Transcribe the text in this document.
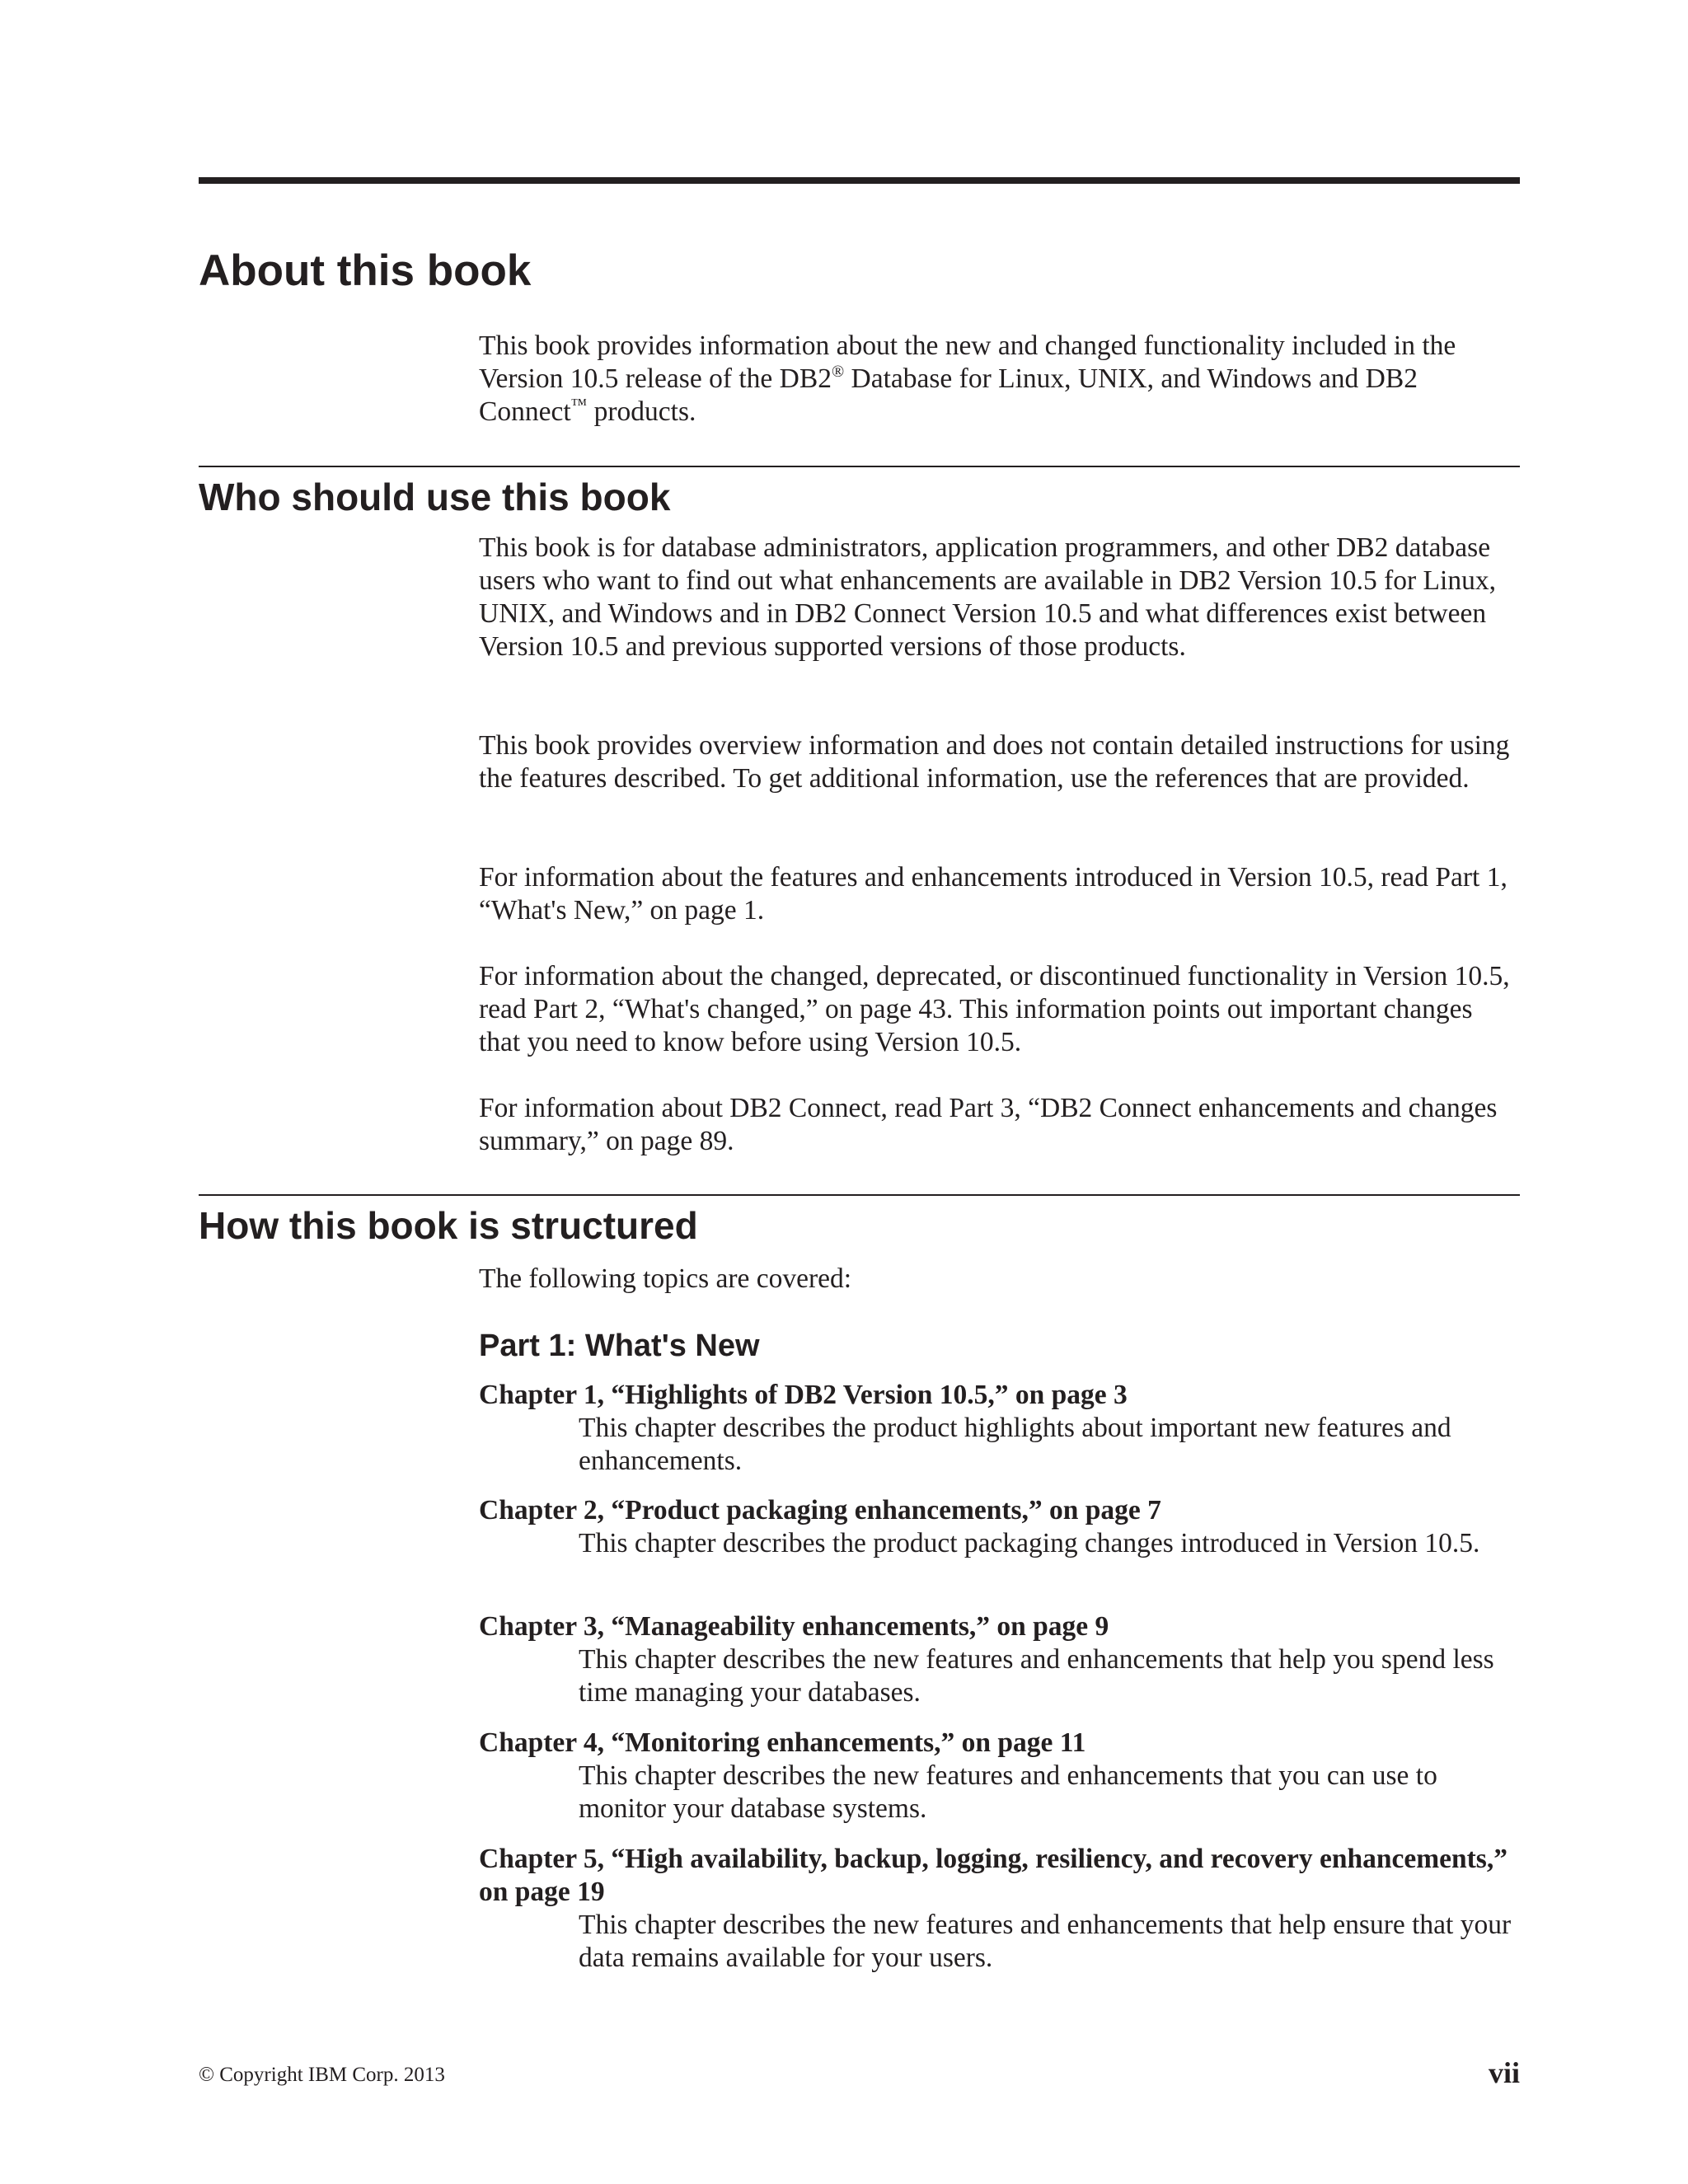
About this book

This book provides information about the new and changed functionality included in the Version 10.5 release of the DB2® Database for Linux, UNIX, and Windows and DB2 Connect™ products.

Who should use this book

This book is for database administrators, application programmers, and other DB2 database users who want to find out what enhancements are available in DB2 Version 10.5 for Linux, UNIX, and Windows and in DB2 Connect Version 10.5 and what differences exist between Version 10.5 and previous supported versions of those products.

This book provides overview information and does not contain detailed instructions for using the features described. To get additional information, use the references that are provided.

For information about the features and enhancements introduced in Version 10.5, read Part 1, “What's New,” on page 1.

For information about the changed, deprecated, or discontinued functionality in Version 10.5, read Part 2, “What's changed,” on page 43. This information points out important changes that you need to know before using Version 10.5.

For information about DB2 Connect, read Part 3, “DB2 Connect enhancements and changes summary,” on page 89.

How this book is structured

The following topics are covered:

Part 1: What's New

Chapter 1, “Highlights of DB2 Version 10.5,” on page 3

This chapter describes the product highlights about important new features and enhancements.

Chapter 2, “Product packaging enhancements,” on page 7

This chapter describes the product packaging changes introduced in Version 10.5.

Chapter 3, “Manageability enhancements,” on page 9

This chapter describes the new features and enhancements that help you spend less time managing your databases.

Chapter 4, “Monitoring enhancements,” on page 11

This chapter describes the new features and enhancements that you can use to monitor your database systems.

Chapter 5, “High availability, backup, logging, resiliency, and recovery enhancements,” on page 19

This chapter describes the new features and enhancements that help ensure that your data remains available for your users.

© Copyright IBM Corp. 2013	vii
